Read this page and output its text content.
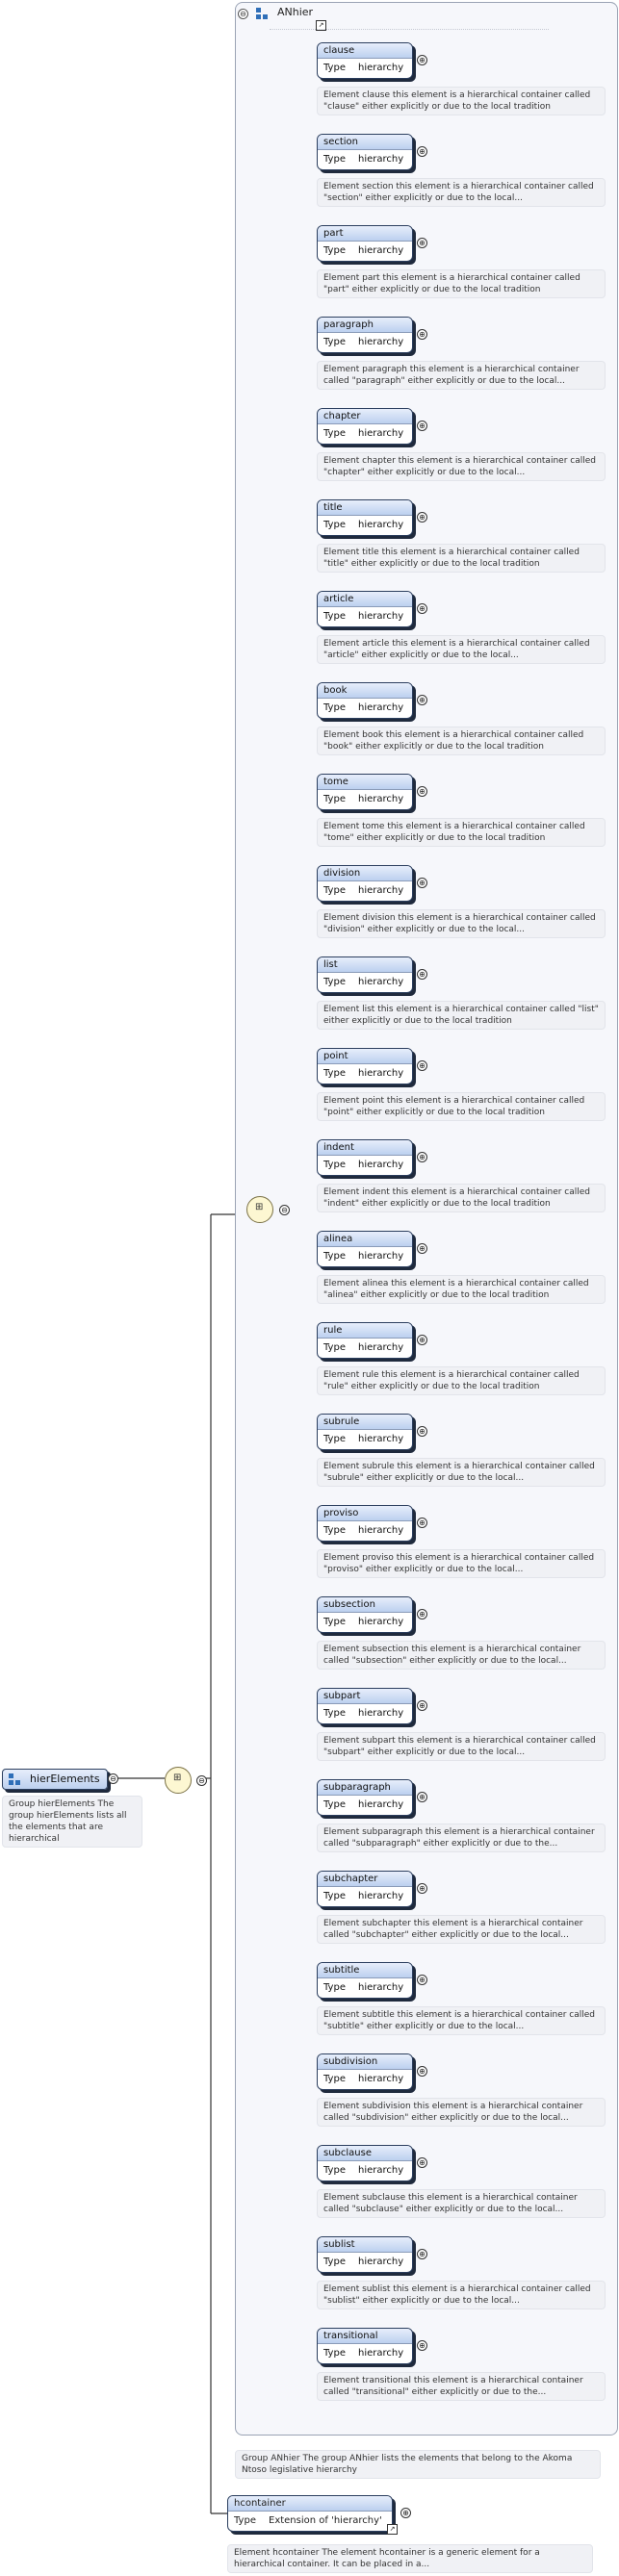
hierElements ⊖
Group hierElements The group hierElements lists all the elements that are hierarchical
⊞ ⊖
⊖	ANhier
↗
⊞ ⊖
clause
Type hierarchy
⊕
Element clause this element is a hierarchical container called "clause" either explicitly or due to the local tradition
section
Type hierarchy
⊕
Element section this element is a hierarchical container called "section" either explicitly or due to the local...
part
Type hierarchy
⊕
Element part this element is a hierarchical container called "part" either explicitly or due to the local tradition
paragraph
Type hierarchy
⊕
Element paragraph this element is a hierarchical container called "paragraph" either explicitly or due to the local...
chapter
Type hierarchy
⊕
Element chapter this element is a hierarchical container called "chapter" either explicitly or due to the local...
title
Type hierarchy
⊕
Element title this element is a hierarchical container called "title" either explicitly or due to the local tradition
article
Type hierarchy
⊕
Element article this element is a hierarchical container called "article" either explicitly or due to the local...
book
Type hierarchy
⊕
Element book this element is a hierarchical container called "book" either explicitly or due to the local tradition
tome
Type hierarchy
⊕
Element tome this element is a hierarchical container called "tome" either explicitly or due to the local tradition
division
Type hierarchy
⊕
Element division this element is a hierarchical container called "division" either explicitly or due to the local...
list
Type hierarchy
⊕
Element list this element is a hierarchical container called "list" either explicitly or due to the local tradition
point
Type hierarchy
⊕
Element point this element is a hierarchical container called "point" either explicitly or due to the local tradition
indent
Type hierarchy
⊕
Element indent this element is a hierarchical container called "indent" either explicitly or due to the local tradition
alinea
Type hierarchy
⊕
Element alinea this element is a hierarchical container called "alinea" either explicitly or due to the local tradition
rule
Type hierarchy
⊕
Element rule this element is a hierarchical container called "rule" either explicitly or due to the local tradition
subrule
Type hierarchy
⊕
Element subrule this element is a hierarchical container called "subrule" either explicitly or due to the local...
proviso
Type hierarchy
⊕
Element proviso this element is a hierarchical container called "proviso" either explicitly or due to the local...
subsection
Type hierarchy
⊕
Element subsection this element is a hierarchical container called "subsection" either explicitly or due to the local...
subpart
Type hierarchy
⊕
Element subpart this element is a hierarchical container called "subpart" either explicitly or due to the local...
subparagraph
Type hierarchy
⊕
Element subparagraph this element is a hierarchical container called "subparagraph" either explicitly or due to the...
subchapter
Type hierarchy
⊕
Element subchapter this element is a hierarchical container called "subchapter" either explicitly or due to the local...
subtitle
Type hierarchy
⊕
Element subtitle this element is a hierarchical container called "subtitle" either explicitly or due to the local...
subdivision
Type hierarchy
⊕
Element subdivision this element is a hierarchical container called "subdivision" either explicitly or due to the local...
subclause
Type hierarchy
⊕
Element subclause this element is a hierarchical container called "subclause" either explicitly or due to the local...
sublist
Type hierarchy
⊕
Element sublist this element is a hierarchical container called "sublist" either explicitly or due to the local...
transitional
Type hierarchy
⊕
Element transitional this element is a hierarchical container called "transitional" either explicitly or due to the...
Group ANhier The group ANhier lists the elements that belong to the Akoma Ntoso legislative hierarchy
hcontainer
Type Extension of 'hierarchy'
↗
⊕
Element hcontainer The element hcontainer is a generic element for a hierarchical container. It can be placed in a...
